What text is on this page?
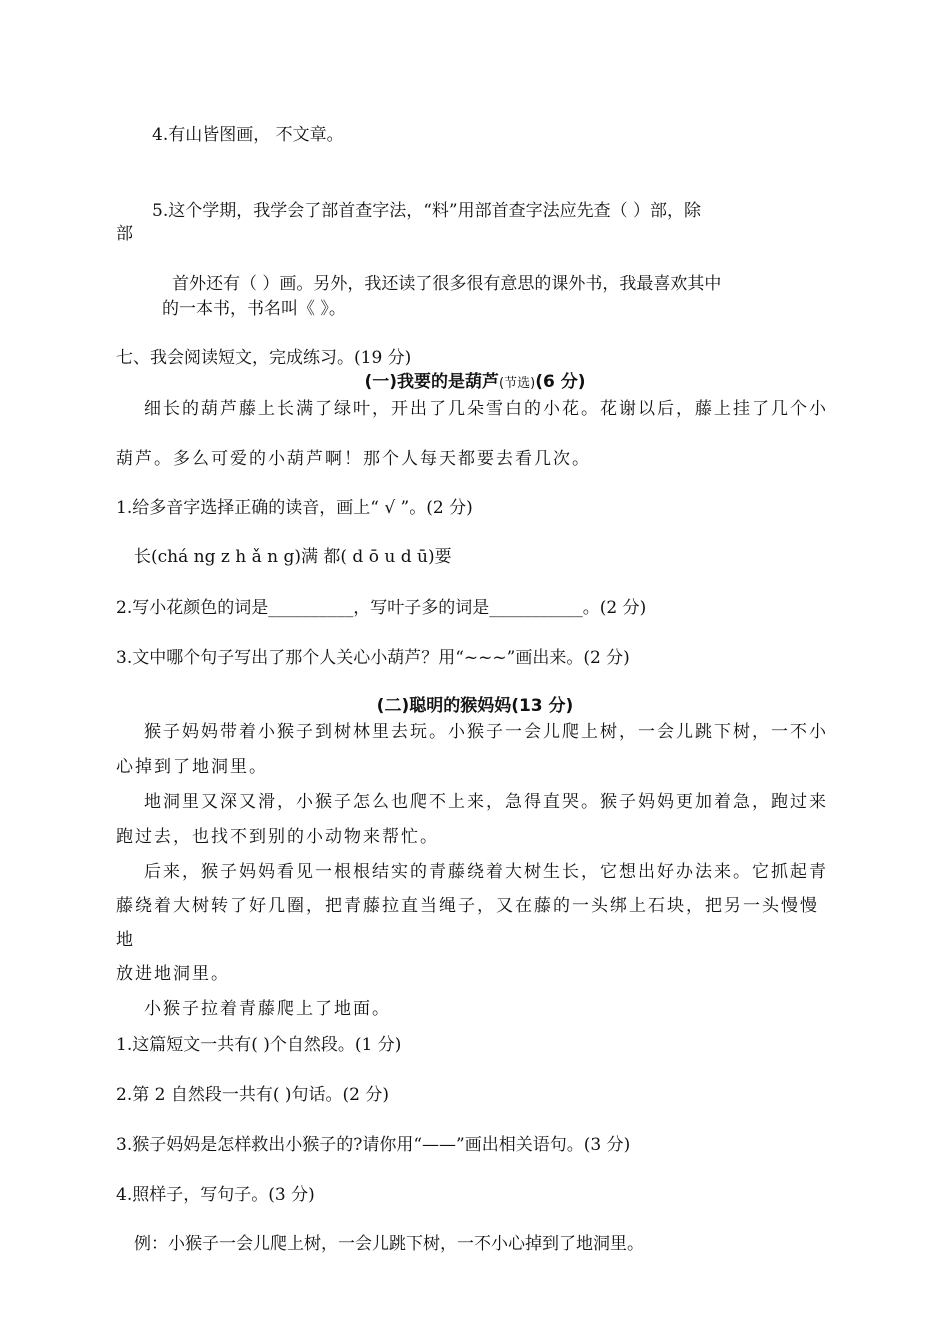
4.有山皆图画， 不文章。
5.这个学期，我学会了部首查字法，“料”用部首查字法应先查（ ）部，除
部
首外还有（ ）画。另外，我还读了很多很有意思的课外书，我最喜欢其中
的一本书，书名叫《 》。
七、我会阅读短文，完成练习。(19 分)
(一)我要的是葫芦(节选)(6 分)
细长的葫芦藤上长满了绿叶，开出了几朵雪白的小花。花谢以后，藤上挂了几个小
葫芦。多么可爱的小葫芦啊！那个人每天都要去看几次。
1.给多音字选择正确的读音，画上“ √ ”。(2 分)
长(chá ng z h ǎ n g)满 都( d ō u d ū)要
2.写小花颜色的词是__________，写叶子多的词是___________。(2 分)
3.文中哪个句子写出了那个人关心小葫芦？用“~~~”画出来。(2 分)
(二)聪明的猴妈妈(13 分)
猴子妈妈带着小猴子到树林里去玩。小猴子一会儿爬上树，一会儿跳下树，一不小
心掉到了地洞里。
地洞里又深又滑，小猴子怎么也爬不上来，急得直哭。猴子妈妈更加着急，跑过来
跑过去，也找不到别的小动物来帮忙。
后来，猴子妈妈看见一根根结实的青藤绕着大树生长，它想出好办法来。它抓起青
藤绕着大树转了好几圈，把青藤拉直当绳子，又在藤的一头绑上石块，把另一头慢慢
地
放进地洞里。
小猴子拉着青藤爬上了地面。
1.这篇短文一共有( )个自然段。(1 分)
2.第 2 自然段一共有( )句话。(2 分)
3.猴子妈妈是怎样救出小猴子的?请你用“——”画出相关语句。(3 分)
4.照样子，写句子。(3 分)
例：小猴子一会儿爬上树，一会儿跳下树，一不小心掉到了地洞里。
